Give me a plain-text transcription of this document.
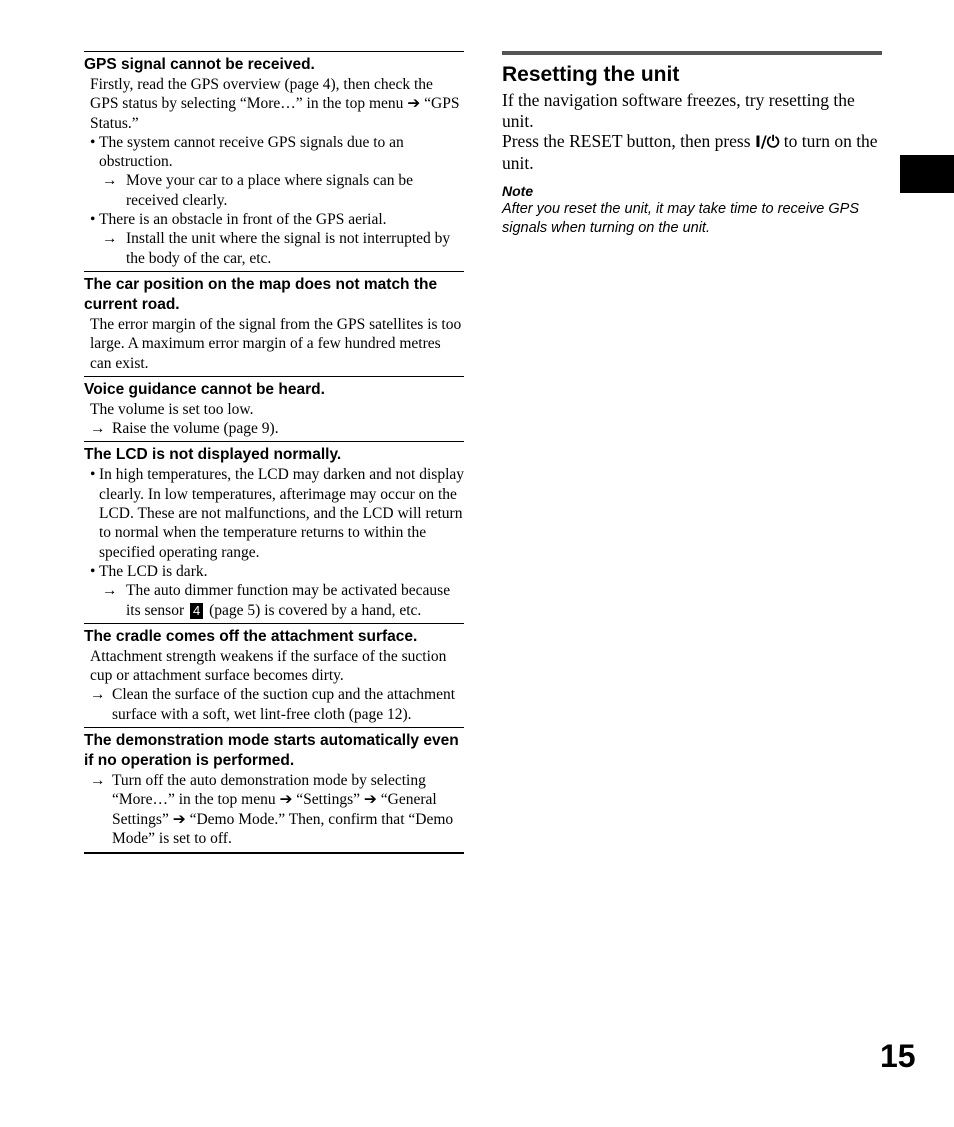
GPS signal cannot be received.

Firstly, read the GPS overview (page 4), then check the GPS status by selecting “More…” in the top menu ➔ “GPS Status.”

• The system cannot receive GPS signals due to an obstruction.
→ Move your car to a place where signals can be received clearly.
• There is an obstacle in front of the GPS aerial.
→ Install the unit where the signal is not interrupted by the body of the car, etc.

The car position on the map does not match the current road.

The error margin of the signal from the GPS satellites is too large. A maximum error margin of a few hundred metres can exist.

Voice guidance cannot be heard.

The volume is set too low.

→ Raise the volume (page 9).

The LCD is not displayed normally.

• In high temperatures, the LCD may darken and not display clearly. In low temperatures, afterimage may occur on the LCD. These are not malfunctions, and the LCD will return to normal when the temperature returns to within the specified operating range.
• The LCD is dark.
→ The auto dimmer function may be activated because its sensor 4 (page 5) is covered by a hand, etc.

The cradle comes off the attachment surface.

Attachment strength weakens if the surface of the suction cup or attachment surface becomes dirty.

→ Clean the surface of the suction cup and the attachment surface with a soft, wet lint-free cloth (page 12).

The demonstration mode starts automatically even if no operation is performed.

→ Turn off the auto demonstration mode by selecting “More…” in the top menu ➔ “Settings” ➔ “General Settings” ➔ “Demo Mode.” Then, confirm that “Demo Mode” is set to off.

Resetting the unit

If the navigation software freezes, try resetting the unit.

Press the RESET button, then press I/⏻ to turn on the unit.

Note

After you reset the unit, it may take time to receive GPS signals when turning on the unit.

15
